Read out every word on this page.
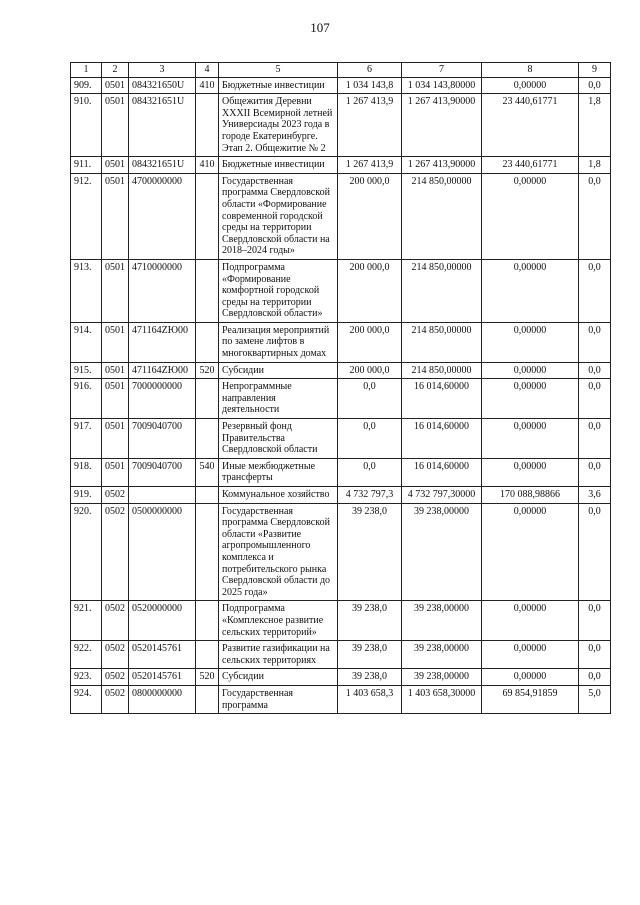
107
1	2	3	4	5	6	7	8	9
909.	0501	084321650U	410	Бюджетные инвестиции	1 034 143,8	1 034 143,80000	0,00000	0,0
910.	0501	084321651U		Общежития Деревни XXXII Всемирной летней Универсиады 2023 года в городе Екатеринбурге. Этап 2. Общежитие № 2	1 267 413,9	1 267 413,90000	23 440,61771	1,8
911.	0501	084321651U	410	Бюджетные инвестиции	1 267 413,9	1 267 413,90000	23 440,61771	1,8
912.	0501	4700000000		Государственная программа Свердловской области «Формирование современной городской среды на территории Свердловской области на 2018–2024 годы»	200 000,0	214 850,00000	0,00000	0,0
913.	0501	4710000000		Подпрограмма «Формирование комфортной городской среды на территории Свердловской области»	200 000,0	214 850,00000	0,00000	0,0
914.	0501	471164ZЮ00		Реализация мероприятий по замене лифтов в многоквартирных домах	200 000,0	214 850,00000	0,00000	0,0
915.	0501	471164ZЮ00	520	Субсидии	200 000,0	214 850,00000	0,00000	0,0
916.	0501	7000000000		Непрограммные направления деятельности	0,0	16 014,60000	0,00000	0,0
917.	0501	7009040700		Резервный фонд Правительства Свердловской области	0,0	16 014,60000	0,00000	0,0
918.	0501	7009040700	540	Иные межбюджетные трансферты	0,0	16 014,60000	0,00000	0,0
919.	0502			Коммунальное хозяйство	4 732 797,3	4 732 797,30000	170 088,98866	3,6
920.	0502	0500000000		Государственная программа Свердловской области «Развитие агропромышленного комплекса и потребительского рынка Свердловской области до 2025 года»	39 238,0	39 238,00000	0,00000	0,0
921.	0502	0520000000		Подпрограмма «Комплексное развитие сельских территорий»	39 238,0	39 238,00000	0,00000	0,0
922.	0502	0520145761		Развитие газификации на сельских территориях	39 238,0	39 238,00000	0,00000	0,0
923.	0502	0520145761	520	Субсидии	39 238,0	39 238,00000	0,00000	0,0
924.	0502	0800000000		Государственная программа	1 403 658,3	1 403 658,30000	69 854,91859	5,0
